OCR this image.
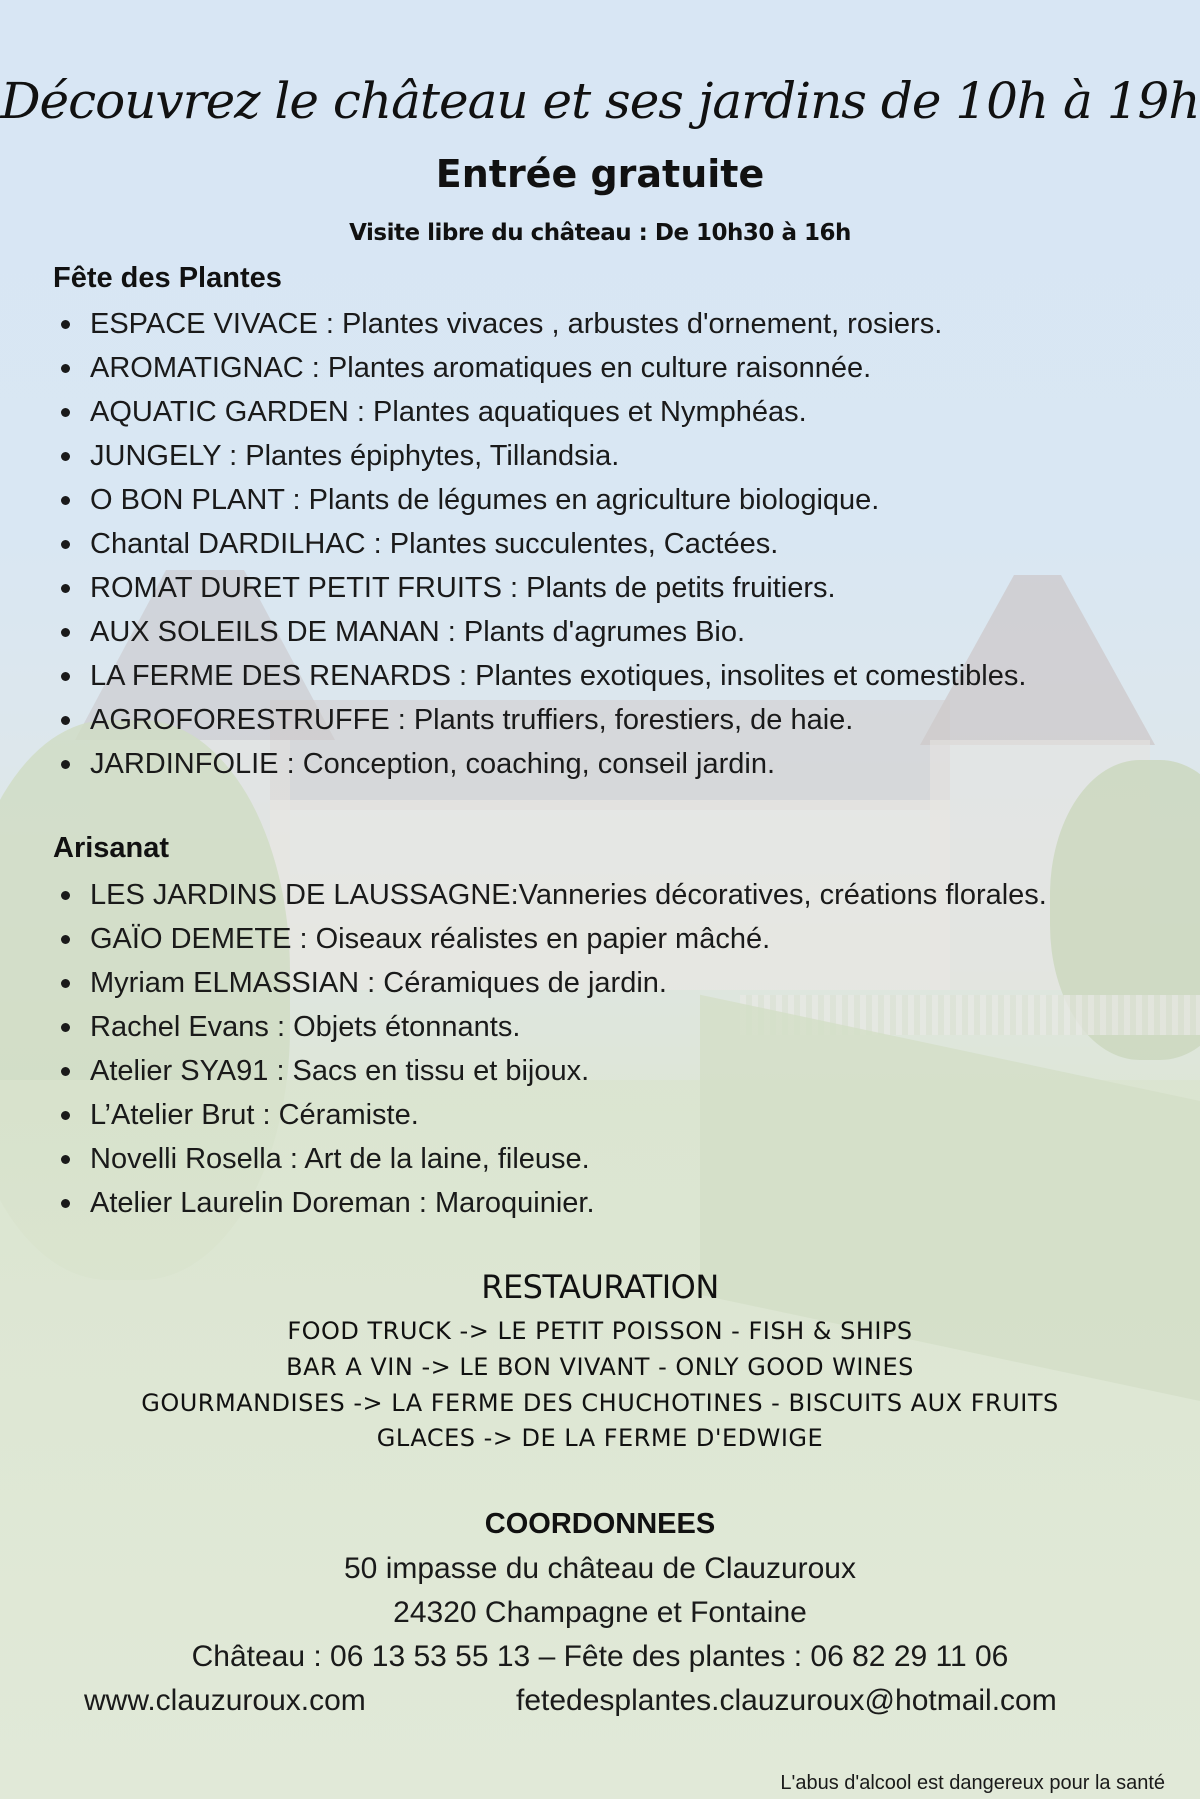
Découvrez le château et ses jardins de 10h à 19h
Entrée gratuite
Visite libre du château : De 10h30 à 16h
Fête des Plantes
ESPACE VIVACE : Plantes vivaces , arbustes d'ornement, rosiers.
AROMATIGNAC : Plantes aromatiques en culture raisonnée.
AQUATIC GARDEN : Plantes aquatiques et Nymphéas.
JUNGELY : Plantes épiphytes, Tillandsia.
O BON PLANT : Plants de légumes en agriculture biologique.
Chantal DARDILHAC : Plantes succulentes, Cactées.
ROMAT DURET PETIT FRUITS : Plants de petits fruitiers.
AUX SOLEILS DE MANAN : Plants d'agrumes Bio.
LA FERME DES RENARDS : Plantes exotiques, insolites et comestibles.
AGROFORESTRUFFE : Plants truffiers, forestiers, de haie.
JARDINFOLIE : Conception, coaching, conseil jardin.
Arisanat
LES JARDINS DE LAUSSAGNE:Vanneries décoratives, créations florales.
GAÏO DEMETE : Oiseaux réalistes en papier mâché.
Myriam ELMASSIAN : Céramiques de jardin.
Rachel Evans : Objets étonnants.
Atelier SYA91 : Sacs en tissu et bijoux.
L’Atelier Brut : Céramiste.
Novelli Rosella : Art de la laine, fileuse.
Atelier Laurelin Doreman : Maroquinier.
RESTAURATION
FOOD TRUCK -> LE PETIT POISSON - FISH & SHIPS
BAR A VIN -> LE BON VIVANT - ONLY GOOD WINES
GOURMANDISES -> LA FERME DES CHUCHOTINES - BISCUITS AUX FRUITS
GLACES -> DE LA FERME D'EDWIGE
COORDONNEES
50 impasse du château de Clauzuroux
24320 Champagne et Fontaine
Château : 06 13 53 55 13 – Fête des plantes : 06 82 29 11 06
www.clauzuroux.com	fetedesplantes.clauzuroux@hotmail.com
L'abus d'alcool est dangereux pour la santé
